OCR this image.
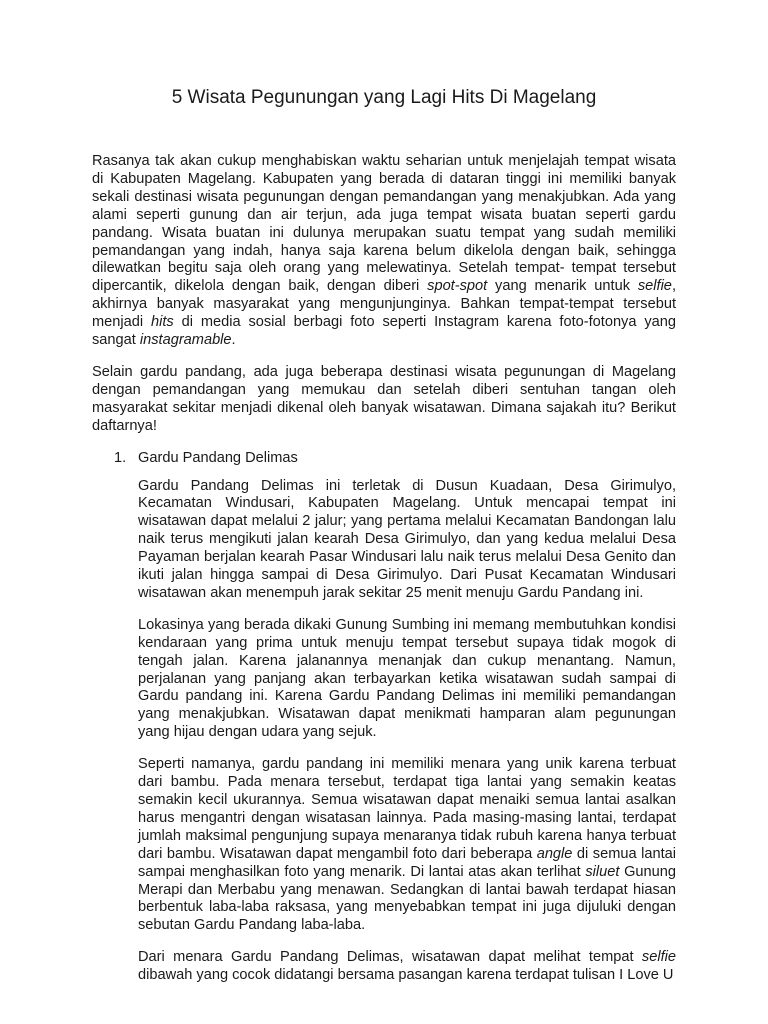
5 Wisata Pegunungan yang Lagi Hits Di Magelang

Rasanya tak akan cukup menghabiskan waktu seharian untuk menjelajah tempat wisata di Kabupaten Magelang. Kabupaten yang berada di dataran tinggi ini memiliki banyak sekali destinasi wisata pegunungan dengan pemandangan yang menakjubkan. Ada yang alami seperti gunung dan air terjun, ada juga tempat wisata buatan seperti gardu pandang. Wisata buatan ini dulunya merupakan suatu tempat yang sudah memiliki pemandangan yang indah, hanya saja karena belum dikelola dengan baik, sehingga dilewatkan begitu saja oleh orang yang melewatinya. Setelah tempat- tempat tersebut dipercantik, dikelola dengan baik, dengan diberi spot-spot yang menarik untuk selfie, akhirnya banyak masyarakat yang mengunjunginya. Bahkan tempat-tempat tersebut menjadi hits di media sosial berbagi foto seperti Instagram karena foto-fotonya yang sangat instagramable.

Selain gardu pandang, ada juga beberapa destinasi wisata pegunungan di Magelang dengan pemandangan yang memukau dan setelah diberi sentuhan tangan oleh masyarakat sekitar menjadi dikenal oleh banyak wisatawan. Dimana sajakah itu? Berikut daftarnya!

1. Gardu Pandang Delimas

Gardu Pandang Delimas ini terletak di Dusun Kuadaan, Desa Girimulyo, Kecamatan Windusari, Kabupaten Magelang. Untuk mencapai tempat ini wisatawan dapat melalui 2 jalur; yang pertama melalui Kecamatan Bandongan lalu naik terus mengikuti jalan kearah Desa Girimulyo, dan yang kedua melalui Desa Payaman berjalan kearah Pasar Windusari lalu naik terus melalui Desa Genito dan ikuti jalan hingga sampai di Desa Girimulyo. Dari Pusat Kecamatan Windusari wisatawan akan menempuh jarak sekitar 25 menit menuju Gardu Pandang ini.

Lokasinya yang berada dikaki Gunung Sumbing ini memang membutuhkan kondisi kendaraan yang prima untuk menuju tempat tersebut supaya tidak mogok di tengah jalan. Karena jalanannya menanjak dan cukup menantang. Namun, perjalanan yang panjang akan terbayarkan ketika wisatawan sudah sampai di Gardu pandang ini. Karena Gardu Pandang Delimas ini memiliki pemandangan yang menakjubkan. Wisatawan dapat menikmati hamparan alam pegunungan yang hijau dengan udara yang sejuk.

Seperti namanya, gardu pandang ini memiliki menara yang unik karena terbuat dari bambu. Pada menara tersebut, terdapat tiga lantai yang semakin keatas semakin kecil ukurannya. Semua wisatawan dapat menaiki semua lantai asalkan harus mengantri dengan wisatasan lainnya. Pada masing-masing lantai, terdapat jumlah maksimal pengunjung supaya menaranya tidak rubuh karena hanya terbuat dari bambu. Wisatawan dapat mengambil foto dari beberapa angle di semua lantai sampai menghasilkan foto yang menarik. Di lantai atas akan terlihat siluet Gunung Merapi dan Merbabu yang menawan. Sedangkan di lantai bawah terdapat hiasan berbentuk laba-laba raksasa, yang menyebabkan tempat ini juga dijuluki dengan sebutan Gardu Pandang laba-laba.

Dari menara Gardu Pandang Delimas, wisatawan dapat melihat tempat selfie dibawah yang cocok didatangi bersama pasangan karena terdapat tulisan I Love U
